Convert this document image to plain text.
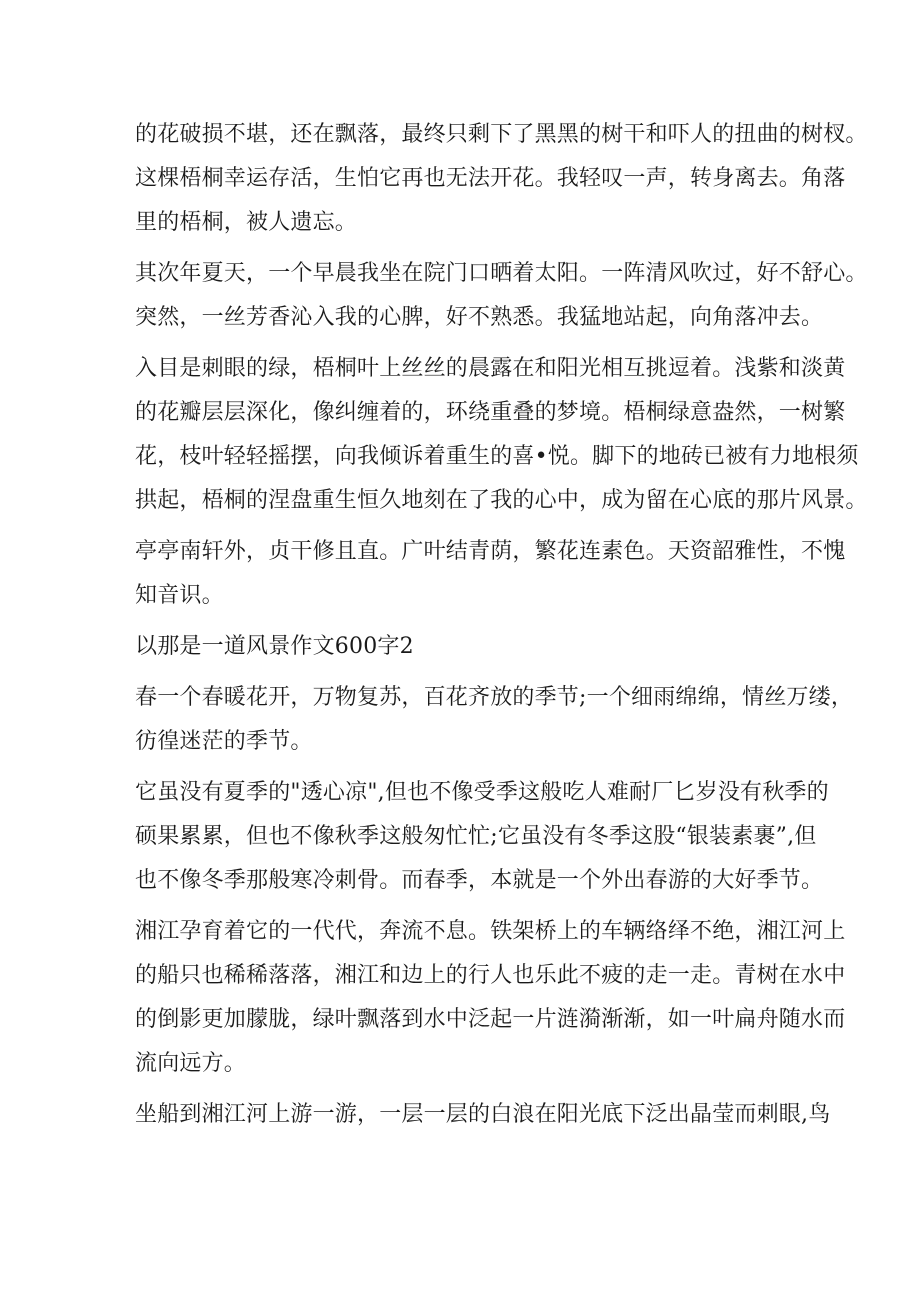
的花破损不堪，还在飘落，最终只剩下了黑黑的树干和吓人的扭曲的树杈。
这棵梧桐幸运存活，生怕它再也无法开花。我轻叹一声，转身离去。角落
里的梧桐，被人遗忘。
其次年夏天，一个早晨我坐在院门口晒着太阳。一阵清风吹过，好不舒心。
突然，一丝芳香沁入我的心脾，好不熟悉。我猛地站起，向角落冲去。
入目是刺眼的绿，梧桐叶上丝丝的晨露在和阳光相互挑逗着。浅紫和淡黄
的花瓣层层深化，像纠缠着的，环绕重叠的梦境。梧桐绿意盎然，一树繁
花，枝叶轻轻摇摆，向我倾诉着重生的喜•悦。脚下的地砖已被有力地根须
拱起，梧桐的涅盘重生恒久地刻在了我的心中，成为留在心底的那片风景。
亭亭南轩外，贞干修且直。广叶结青荫，繁花连素色。天资韶雅性，不愧
知音识。
以那是一道风景作文600字2
春一个春暖花开，万物复苏，百花齐放的季节;一个细雨绵绵，情丝万缕，
彷徨迷茫的季节。
它虽没有夏季的"透心凉",但也不像受季这般吃人难耐厂匕岁没有秋季的
硕果累累，但也不像秋季这般匆忙忙;它虽没有冬季这股“银装素裹”,但
也不像冬季那般寒冷刺骨。而春季，本就是一个外出春游的大好季节。
湘江孕育着它的一代代，奔流不息。铁架桥上的车辆络绎不绝，湘江河上
的船只也稀稀落落，湘江和边上的行人也乐此不疲的走一走。青树在水中
的倒影更加朦胧，绿叶飘落到水中泛起一片涟漪渐渐，如一叶扁舟随水而
流向远方。
坐船到湘江河上游一游，一层一层的白浪在阳光底下泛出晶莹而刺眼,鸟
